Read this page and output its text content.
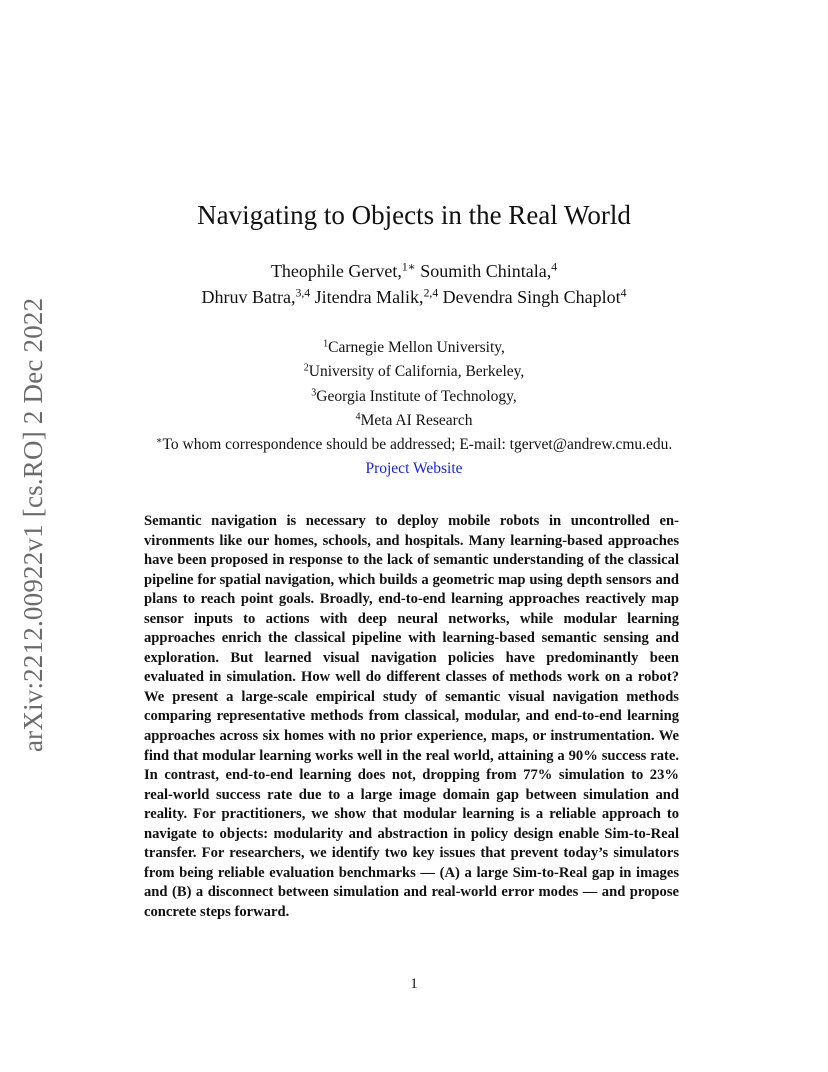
arXiv:2212.00922v1 [cs.RO] 2 Dec 2022
Navigating to Objects in the Real World
Theophile Gervet,$^{1∗}$ Soumith Chintala,$^4$
Dhruv Batra,$^{3,4}$ Jitendra Malik,$^{2,4}$ Devendra Singh Chaplot$^4$
$^1$Carnegie Mellon University,
$^2$University of California, Berkeley,
$^3$Georgia Institute of Technology,
$^4$Meta AI Research
∗To whom correspondence should be addressed; E-mail: tgervet@andrew.cmu.edu.
Project Website
Semantic navigation is necessary to deploy mobile robots in uncontrolled environments like our homes, schools, and hospitals. Many learning-based approaches have been proposed in response to the lack of semantic understanding of the classical pipeline for spatial navigation, which builds a geometric map using depth sensors and plans to reach point goals. Broadly, end-to-end learning approaches reactively map sensor inputs to actions with deep neural networks, while modular learning approaches enrich the classical pipeline with learning-based semantic sensing and exploration. But learned visual navigation policies have predominantly been evaluated in simulation. How well do different classes of methods work on a robot? We present a large-scale empirical study of semantic visual navigation methods comparing representative methods from classical, modular, and end-to-end learning approaches across six homes with no prior experience, maps, or instrumentation. We find that modular learning works well in the real world, attaining a 90% success rate. In contrast, end-to-end learning does not, dropping from 77% simulation to 23% real-world success rate due to a large image domain gap between simulation and reality. For practitioners, we show that modular learning is a reliable approach to navigate to objects: modularity and abstraction in policy design enable Sim-to-Real transfer. For researchers, we identify two key issues that prevent today’s simulators from being reliable evaluation benchmarks — (A) a large Sim-to-Real gap in images and (B) a disconnect between simulation and real-world error modes — and propose concrete steps forward.
1
